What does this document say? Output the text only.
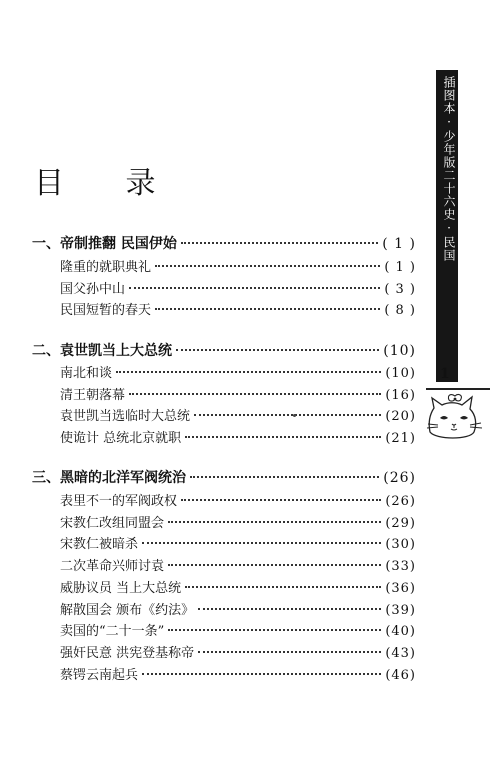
目 录
一、帝制推翻 民国伊始	( 1 )
隆重的就职典礼	( 1 )
国父孙中山	( 3 )
民国短暂的春天	( 8 )
二、袁世凯当上大总统	(10)
南北和谈	(10)
清王朝落幕	(16)
袁世凯当选临时大总统	(20)
使诡计 总统北京就职	(21)
三、黑暗的北洋军阀统治	(26)
表里不一的军阀政权	(26)
宋教仁改组同盟会	(29)
宋教仁被暗杀	(30)
二次革命兴师讨袁	(33)
威胁议员 当上大总统	(36)
解散国会 颁布《约法》	(39)
卖国的“二十一条”	(40)
强奸民意 洪宪登基称帝	(43)
蔡锷云南起兵	(46)
插图本·少年版二十六史·民国
1
